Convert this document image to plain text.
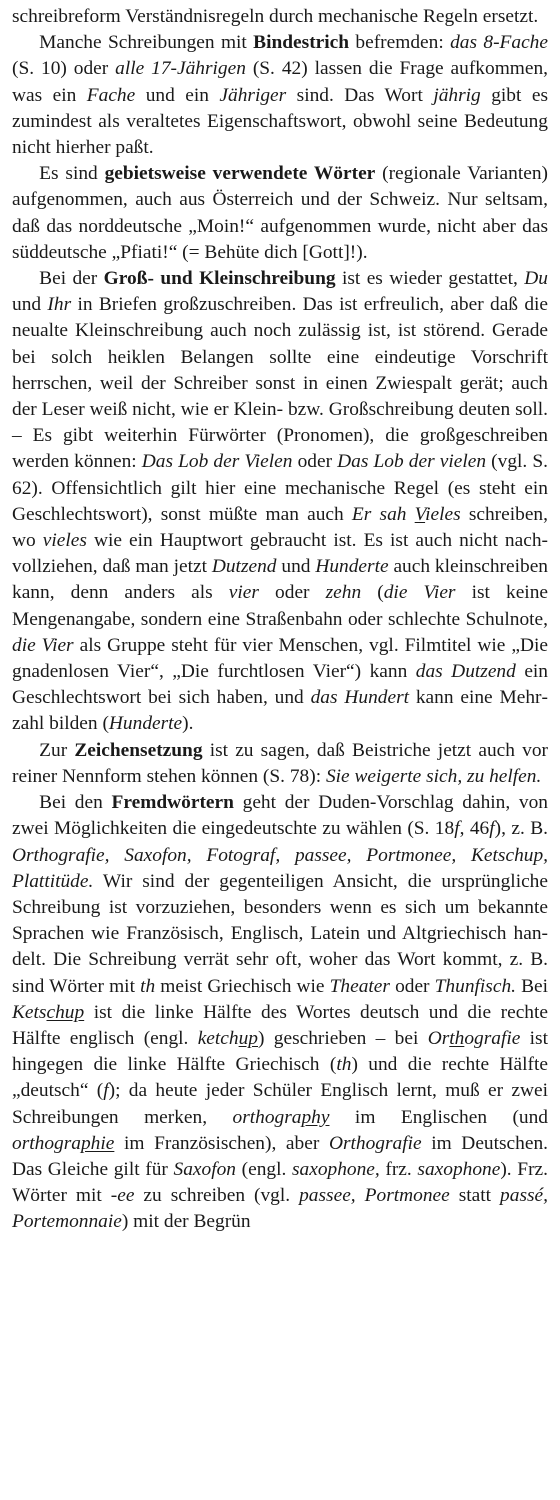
schreibreform Verständnisregeln durch mechanische Regeln ersetzt.

Manche Schreibungen mit Bindestrich befremden: das 8-Fache (S. 10) oder alle 17-Jährigen (S. 42) lassen die Frage aufkommen, was ein Fache und ein Jähriger sind. Das Wort jährig gibt es zumindest als veraltetes Eigenschaftswort, obwohl seine Bedeutung nicht hierher paßt.

Es sind gebietsweise verwendete Wörter (regionale Varianten) aufgenommen, auch aus Österreich und der Schweiz. Nur seltsam, daß das norddeutsche „Moin!“ aufgenommen wurde, nicht aber das süddeutsche „Pfiati!“ (= Behüte dich [Gott]!).

Bei der Groß- und Kleinschreibung ist es wieder gestattet, Du und Ihr in Briefen großzuschreiben. Das ist erfreulich, aber daß die neualte Kleinschreibung auch noch zulässig ist, ist störend. Gerade bei solch heiklen Belangen sollte eine eindeutige Vorschrift herrschen, weil der Schreiber sonst in einen Zwiespalt gerät; auch der Leser weiß nicht, wie er Klein- bzw. Großschreibung deuten soll. – Es gibt weiterhin Fürwörter (Pronomen), die großgeschreiben werden können: Das Lob der Vielen oder Das Lob der vielen (vgl. S. 62). Offensichtlich gilt hier eine mechanische Regel (es steht ein Geschlechtswort), sonst müßte man auch Er sah Vieles schreiben, wo vieles wie ein Hauptwort gebraucht ist. Es ist auch nicht nachvollziehen, daß man jetzt Dutzend und Hunderte auch kleinschreiben kann, denn anders als vier oder zehn (die Vier ist keine Mengenangabe, sondern eine Straßenbahn oder schlechte Schulnote, die Vier als Gruppe steht für vier Menschen, vgl. Filmtitel wie „Die gnadenlosen Vier“, „Die furchtlosen Vier“) kann das Dutzend ein Geschlechtswort bei sich haben, und das Hundert kann eine Mehrzahl bilden (Hunderte).

Zur Zeichensetzung ist zu sagen, daß Beistriche jetzt auch vor reiner Nennform stehen können (S. 78): Sie weigerte sich, zu helfen.

Bei den Fremdwörtern geht der Duden-Vorschlag dahin, von zwei Möglichkeiten die eingedeutschte zu wählen (S. 18f, 46f), z. B. Orthografie, Saxofon, Fotograf, passee, Portmonee, Ketschup, Plattitüde. Wir sind der gegenteiligen Ansicht, die ursprüngliche Schreibung ist vorzuziehen, besonders wenn es sich um bekannte Sprachen wie Französisch, Englisch, Latein und Altgriechisch handelt. Die Schreibung verrät sehr oft, woher das Wort kommt, z. B. sind Wörter mit th meist Griechisch wie Theater oder Thunfisch. Bei Ketschup ist die linke Hälfte des Wortes deutsch und die rechte Hälfte englisch (engl. ketchup) geschrieben – bei Orthografie ist hingegen die linke Hälfte Griechisch (th) und die rechte Hälfte „deutsch“ (f); da heute jeder Schüler Englisch lernt, muß er zwei Schreibungen merken, orthography im Englischen (und orthographie im Französischen), aber Orthografie im Deutschen. Das Gleiche gilt für Saxofon (engl. saxophone, frz. saxophone). Frz. Wörter mit -ee zu schreiben (vgl. passee, Portmonee statt passé, Portemonnaie) mit der Begrün
